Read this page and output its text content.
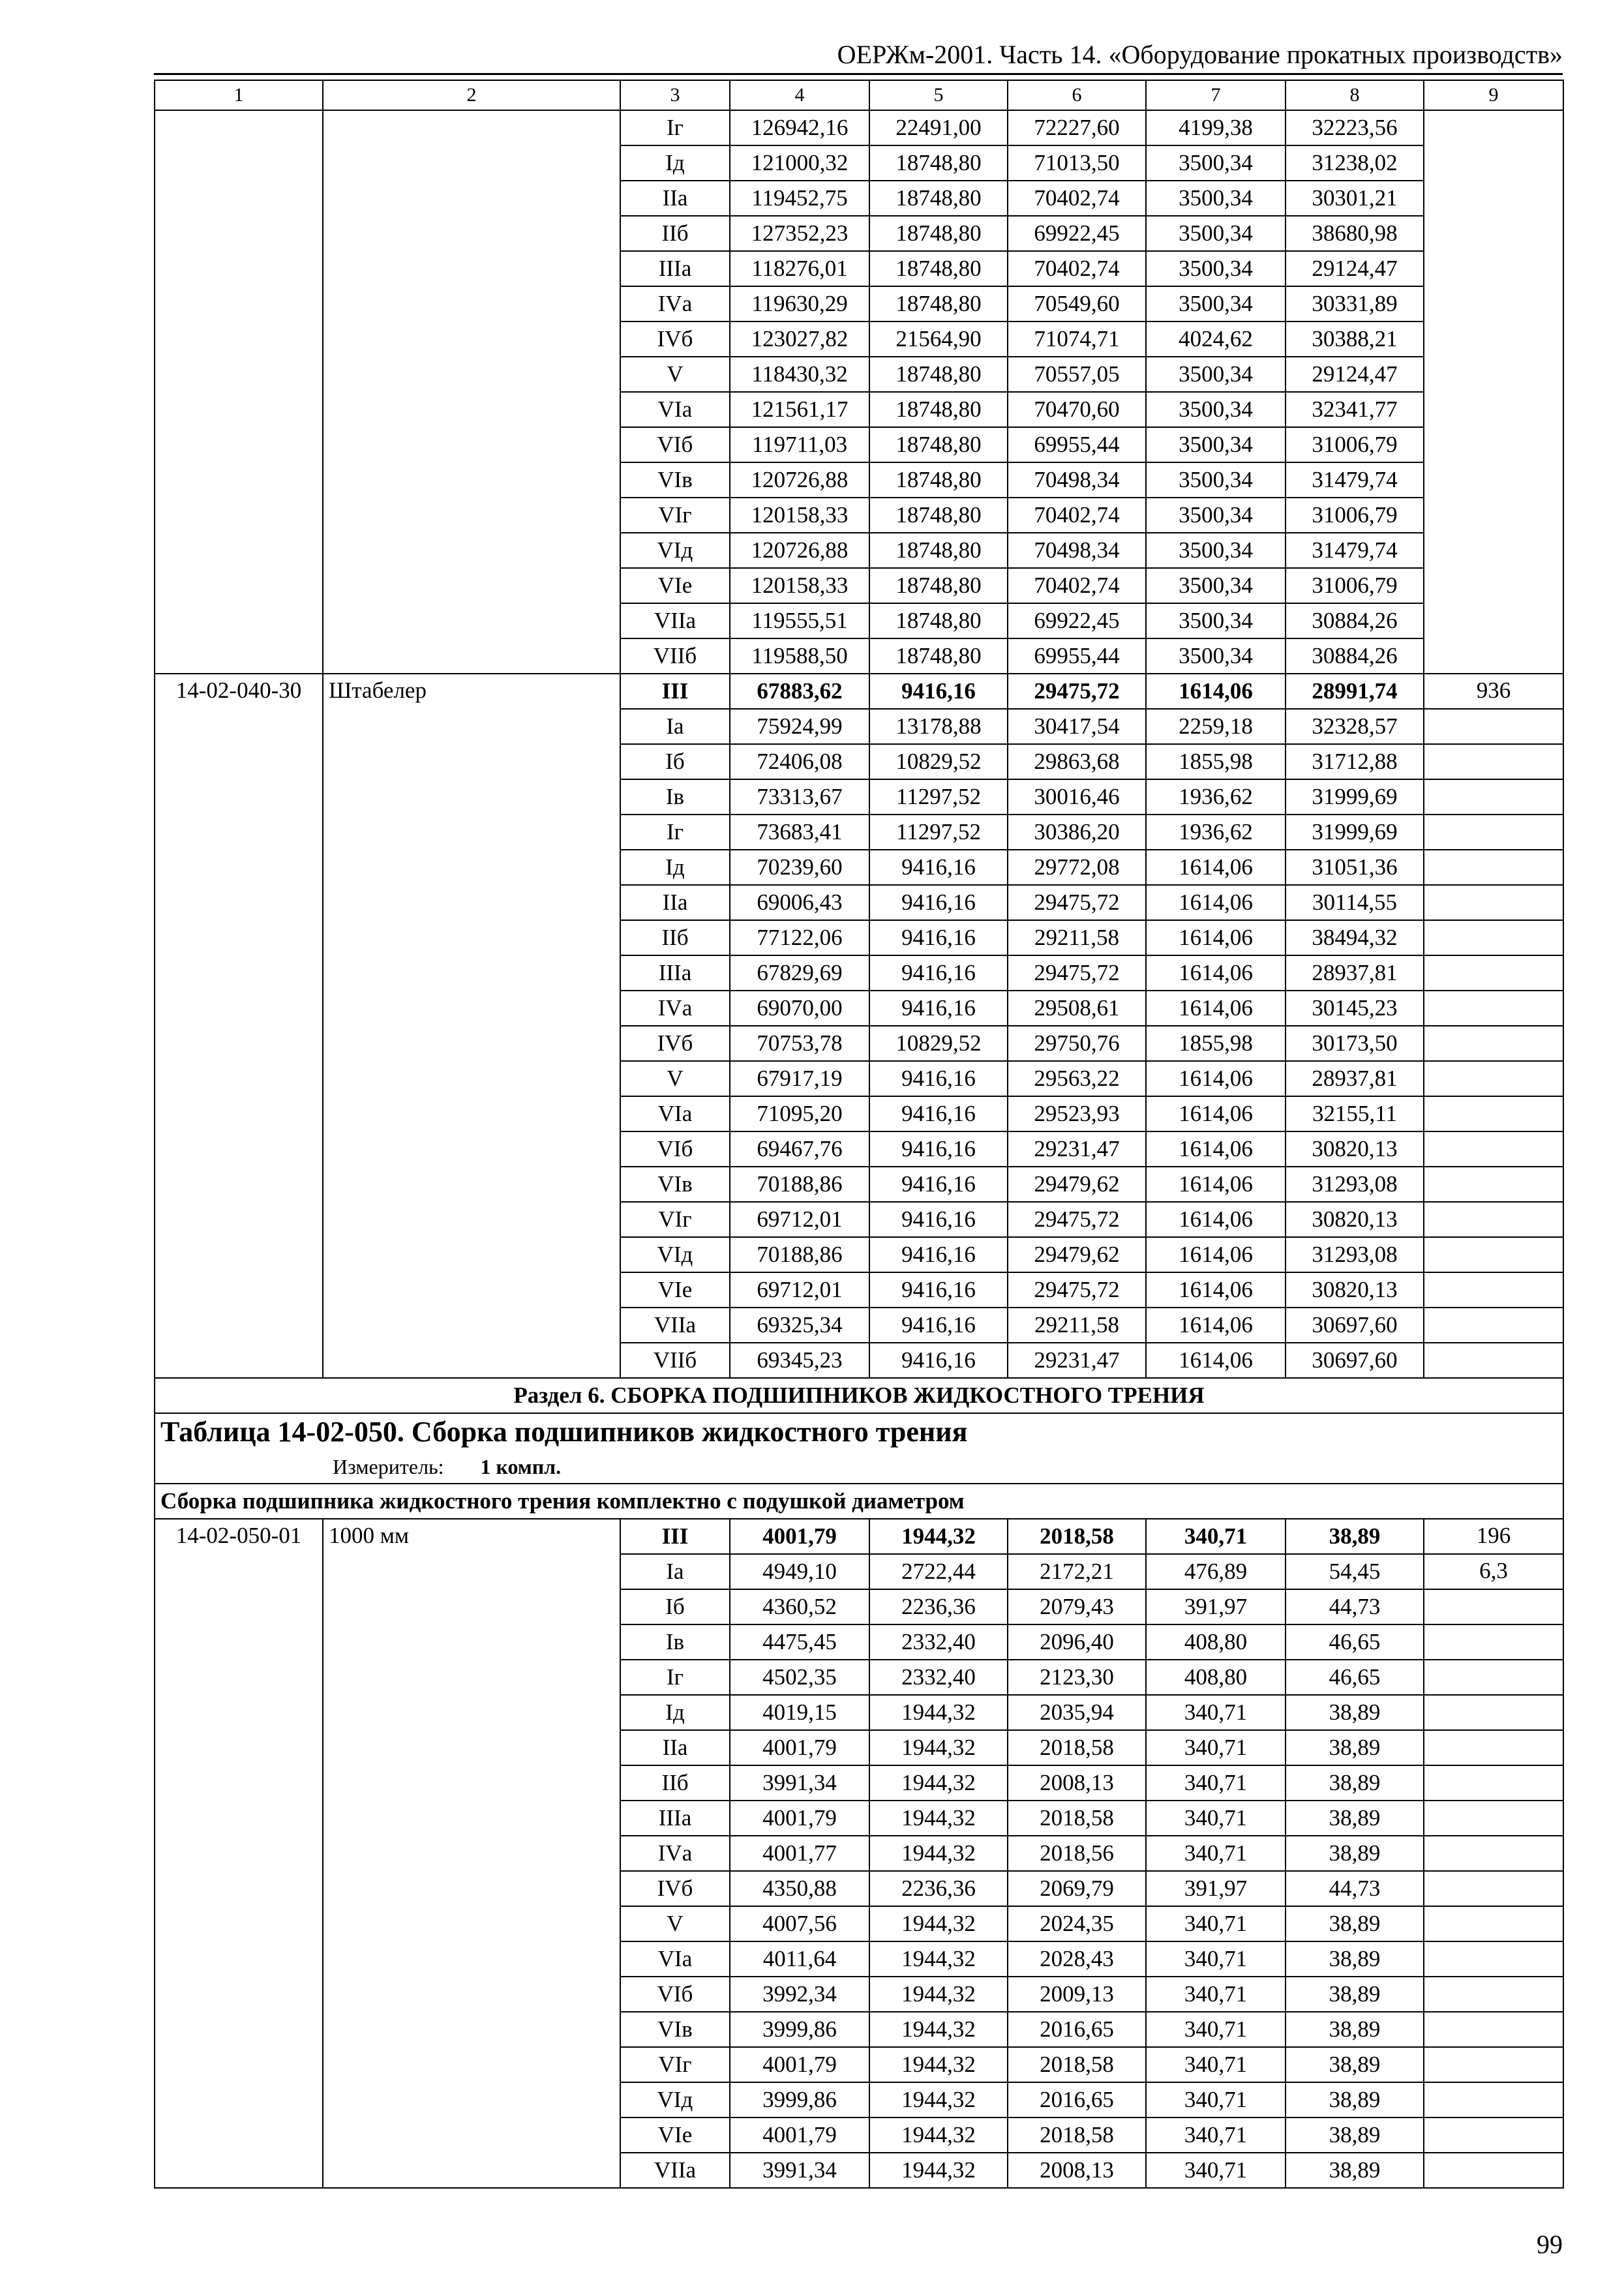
ОЕРЖм-2001. Часть 14. «Оборудование прокатных производств»
1	2	3	4	5	6	7	8	9
		Iг	126942,16	22491,00	72227,60	4199,38	32223,56	
		Iд	121000,32	18748,80	71013,50	3500,34	31238,02	
		IIа	119452,75	18748,80	70402,74	3500,34	30301,21	
		IIб	127352,23	18748,80	69922,45	3500,34	38680,98	
		IIIа	118276,01	18748,80	70402,74	3500,34	29124,47	
		IVа	119630,29	18748,80	70549,60	3500,34	30331,89	
		IVб	123027,82	21564,90	71074,71	4024,62	30388,21	
		V	118430,32	18748,80	70557,05	3500,34	29124,47	
		VIа	121561,17	18748,80	70470,60	3500,34	32341,77	
		VIб	119711,03	18748,80	69955,44	3500,34	31006,79	
		VIв	120726,88	18748,80	70498,34	3500,34	31479,74	
		VIг	120158,33	18748,80	70402,74	3500,34	31006,79	
		VIд	120726,88	18748,80	70498,34	3500,34	31479,74	
		VIе	120158,33	18748,80	70402,74	3500,34	31006,79	
		VIIа	119555,51	18748,80	69922,45	3500,34	30884,26	
		VIIб	119588,50	18748,80	69955,44	3500,34	30884,26	
14-02-040-30	Штабелер	III	67883,62	9416,16	29475,72	1614,06	28991,74	936
		Iа	75924,99	13178,88	30417,54	2259,18	32328,57	
		Iб	72406,08	10829,52	29863,68	1855,98	31712,88	
		Iв	73313,67	11297,52	30016,46	1936,62	31999,69	
		Iг	73683,41	11297,52	30386,20	1936,62	31999,69	
		Iд	70239,60	9416,16	29772,08	1614,06	31051,36	
		IIа	69006,43	9416,16	29475,72	1614,06	30114,55	
		IIб	77122,06	9416,16	29211,58	1614,06	38494,32	
		IIIа	67829,69	9416,16	29475,72	1614,06	28937,81	
		IVа	69070,00	9416,16	29508,61	1614,06	30145,23	
		IVб	70753,78	10829,52	29750,76	1855,98	30173,50	
		V	67917,19	9416,16	29563,22	1614,06	28937,81	
		VIа	71095,20	9416,16	29523,93	1614,06	32155,11	
		VIб	69467,76	9416,16	29231,47	1614,06	30820,13	
		VIв	70188,86	9416,16	29479,62	1614,06	31293,08	
		VIг	69712,01	9416,16	29475,72	1614,06	30820,13	
		VIд	70188,86	9416,16	29479,62	1614,06	31293,08	
		VIе	69712,01	9416,16	29475,72	1614,06	30820,13	
		VIIа	69325,34	9416,16	29211,58	1614,06	30697,60	
		VIIб	69345,23	9416,16	29231,47	1614,06	30697,60	
Раздел 6. СБОРКА ПОДШИПНИКОВ ЖИДКОСТНОГО ТРЕНИЯ								

Таблица 14-02-050. Сборка подшипников жидкостного трения
Измеритель: 1 компл.								

Сборка подшипника жидкостного трения комплектно с подушкой диаметром								
14-02-050-01	1000 мм	III	4001,79	1944,32	2018,58	340,71	38,89	196
		Iа	4949,10	2722,44	2172,21	476,89	54,45	6,3
		Iб	4360,52	2236,36	2079,43	391,97	44,73	
		Iв	4475,45	2332,40	2096,40	408,80	46,65	
		Iг	4502,35	2332,40	2123,30	408,80	46,65	
		Iд	4019,15	1944,32	2035,94	340,71	38,89	
		IIа	4001,79	1944,32	2018,58	340,71	38,89	
		IIб	3991,34	1944,32	2008,13	340,71	38,89	
		IIIа	4001,79	1944,32	2018,58	340,71	38,89	
		IVа	4001,77	1944,32	2018,56	340,71	38,89	
		IVб	4350,88	2236,36	2069,79	391,97	44,73	
		V	4007,56	1944,32	2024,35	340,71	38,89	
		VIа	4011,64	1944,32	2028,43	340,71	38,89	
		VIб	3992,34	1944,32	2009,13	340,71	38,89	
		VIв	3999,86	1944,32	2016,65	340,71	38,89	
		VIг	4001,79	1944,32	2018,58	340,71	38,89	
		VIд	3999,86	1944,32	2016,65	340,71	38,89	
		VIе	4001,79	1944,32	2018,58	340,71	38,89	
		VIIа	3991,34	1944,32	2008,13	340,71	38,89	
99
